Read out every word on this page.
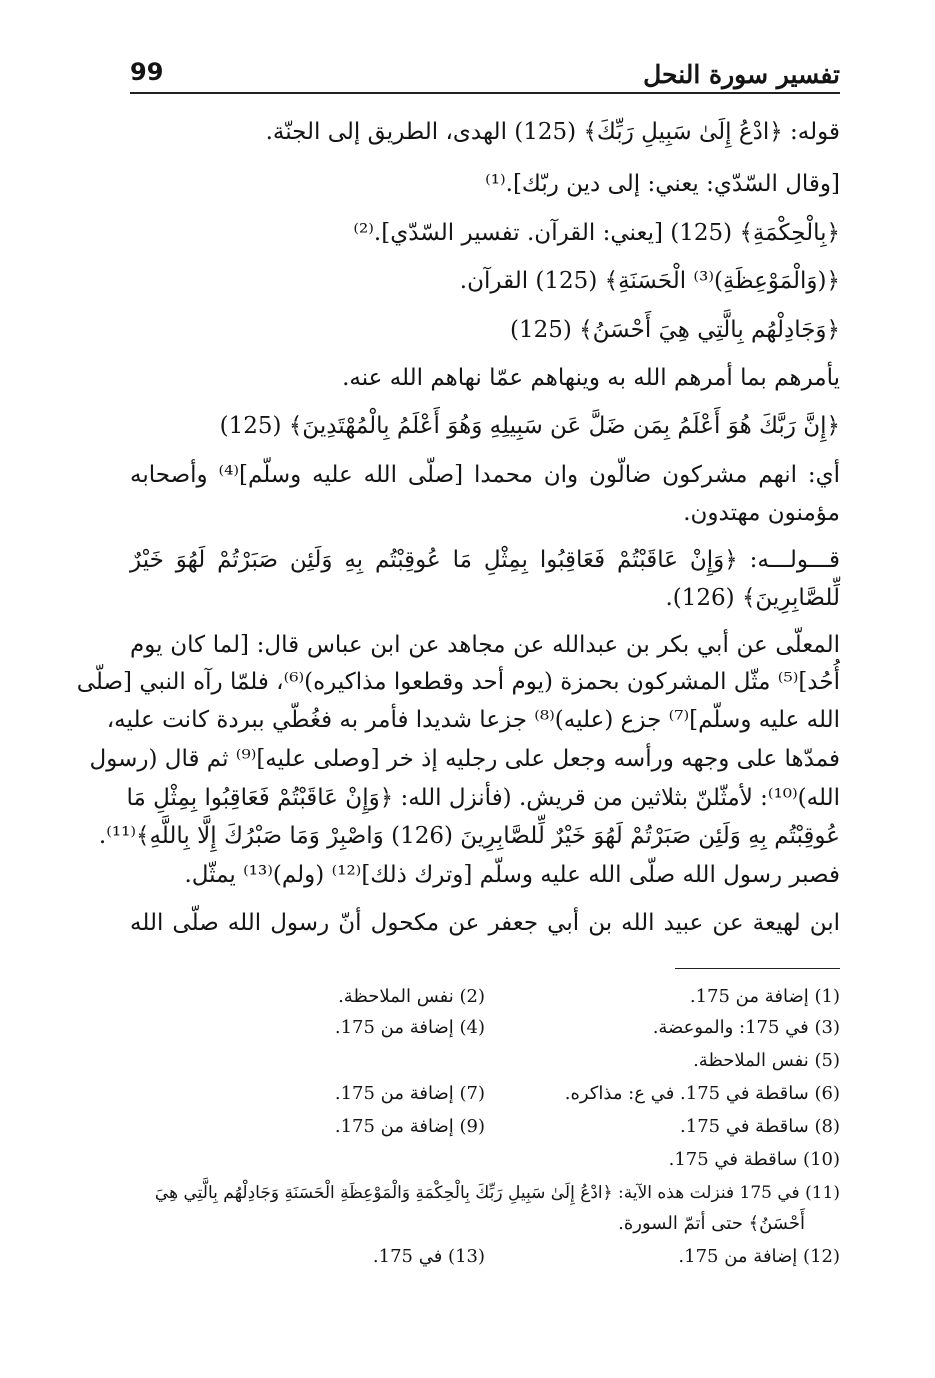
تفسير سورة النحل
99
قوله: ﴿ادْعُ إِلَىٰ سَبِيلِ رَبِّكَ﴾ (125) الهدى، الطريق إلى الجنّة.
[وقال السّدّي: يعني: إلى دين ربّك].⁽¹⁾
﴿بِالْحِكْمَةِ﴾ (125) [يعني: القرآن. تفسير السّدّي].⁽²⁾
﴿(وَالْمَوْعِظَةِ)⁽³⁾ الْحَسَنَةِ﴾ (125) القرآن.
﴿وَجَادِلْهُم بِالَّتِي هِيَ أَحْسَنُ﴾ (125)
يأمرهم بما أمرهم الله به وينهاهم عمّا نهاهم الله عنه.
﴿إِنَّ رَبَّكَ هُوَ أَعْلَمُ بِمَن ضَلَّ عَن سَبِيلِهِ وَهُوَ أَعْلَمُ بِالْمُهْتَدِينَ﴾ (125)
أي: انهم مشركون ضالّون وان محمدا [صلّى الله عليه وسلّم]⁽⁴⁾ وأصحابه
مؤمنون مهتدون.
قـــولـــه: ﴿وَإِنْ عَاقَبْتُمْ فَعَاقِبُوا بِمِثْلِ مَا عُوقِبْتُم بِهِ وَلَئِن صَبَرْتُمْ لَهُوَ خَيْرٌ
لِّلصَّابِرِينَ﴾ (126).
المعلّى عن أبي بكر بن عبدالله عن مجاهد عن ابن عباس قال: [لما كان يوم
أُحُد]⁽⁵⁾ مثّل المشركون بحمزة (يوم أحد وقطعوا مذاكيره)⁽⁶⁾، فلمّا رآه النبي [صلّى
الله عليه وسلّم]⁽⁷⁾ جزع (عليه)⁽⁸⁾ جزعا شديدا فأمر به فغُطّي ببردة كانت عليه،
فمدّها على وجهه ورأسه وجعل على رجليه إذ خر [وصلى عليه]⁽⁹⁾ ثم قال (رسول
الله)⁽¹⁰⁾: لأمثّلنّ بثلاثين من قريش. (فأنزل الله: ﴿وَإِنْ عَاقَبْتُمْ فَعَاقِبُوا بِمِثْلِ مَا
عُوقِبْتُم بِهِ وَلَئِن صَبَرْتُمْ لَهُوَ خَيْرٌ لِّلصَّابِرِينَ (126) وَاصْبِرْ وَمَا صَبْرُكَ إِلَّا بِاللَّهِ﴾⁽¹¹⁾.
فصبر رسول الله صلّى الله عليه وسلّم [وترك ذلك]⁽¹²⁾ (ولم)⁽¹³⁾ يمثّل.
ابن لهيعة عن عبيد الله بن أبي جعفر عن مكحول أنّ رسول الله صلّى الله
(1) إضافة من 175.
(2) نفس الملاحظة.
(3) في 175: والموعضة.
(4) إضافة من 175.
(5) نفس الملاحظة.
(6) ساقطة في 175. في ع: مذاكره.
(7) إضافة من 175.
(8) ساقطة في 175.
(9) إضافة من 175.
(10) ساقطة في 175.
(11) في 175 فنزلت هذه الآية: ﴿ادْعُ إِلَىٰ سَبِيلِ رَبِّكَ بِالْحِكْمَةِ وَالْمَوْعِظَةِ الْحَسَنَةِ وَجَادِلْهُم بِالَّتِي هِيَ
أَحْسَنُ﴾ حتى أتمّ السورة.
(12) إضافة من 175.
(13) في 175.
